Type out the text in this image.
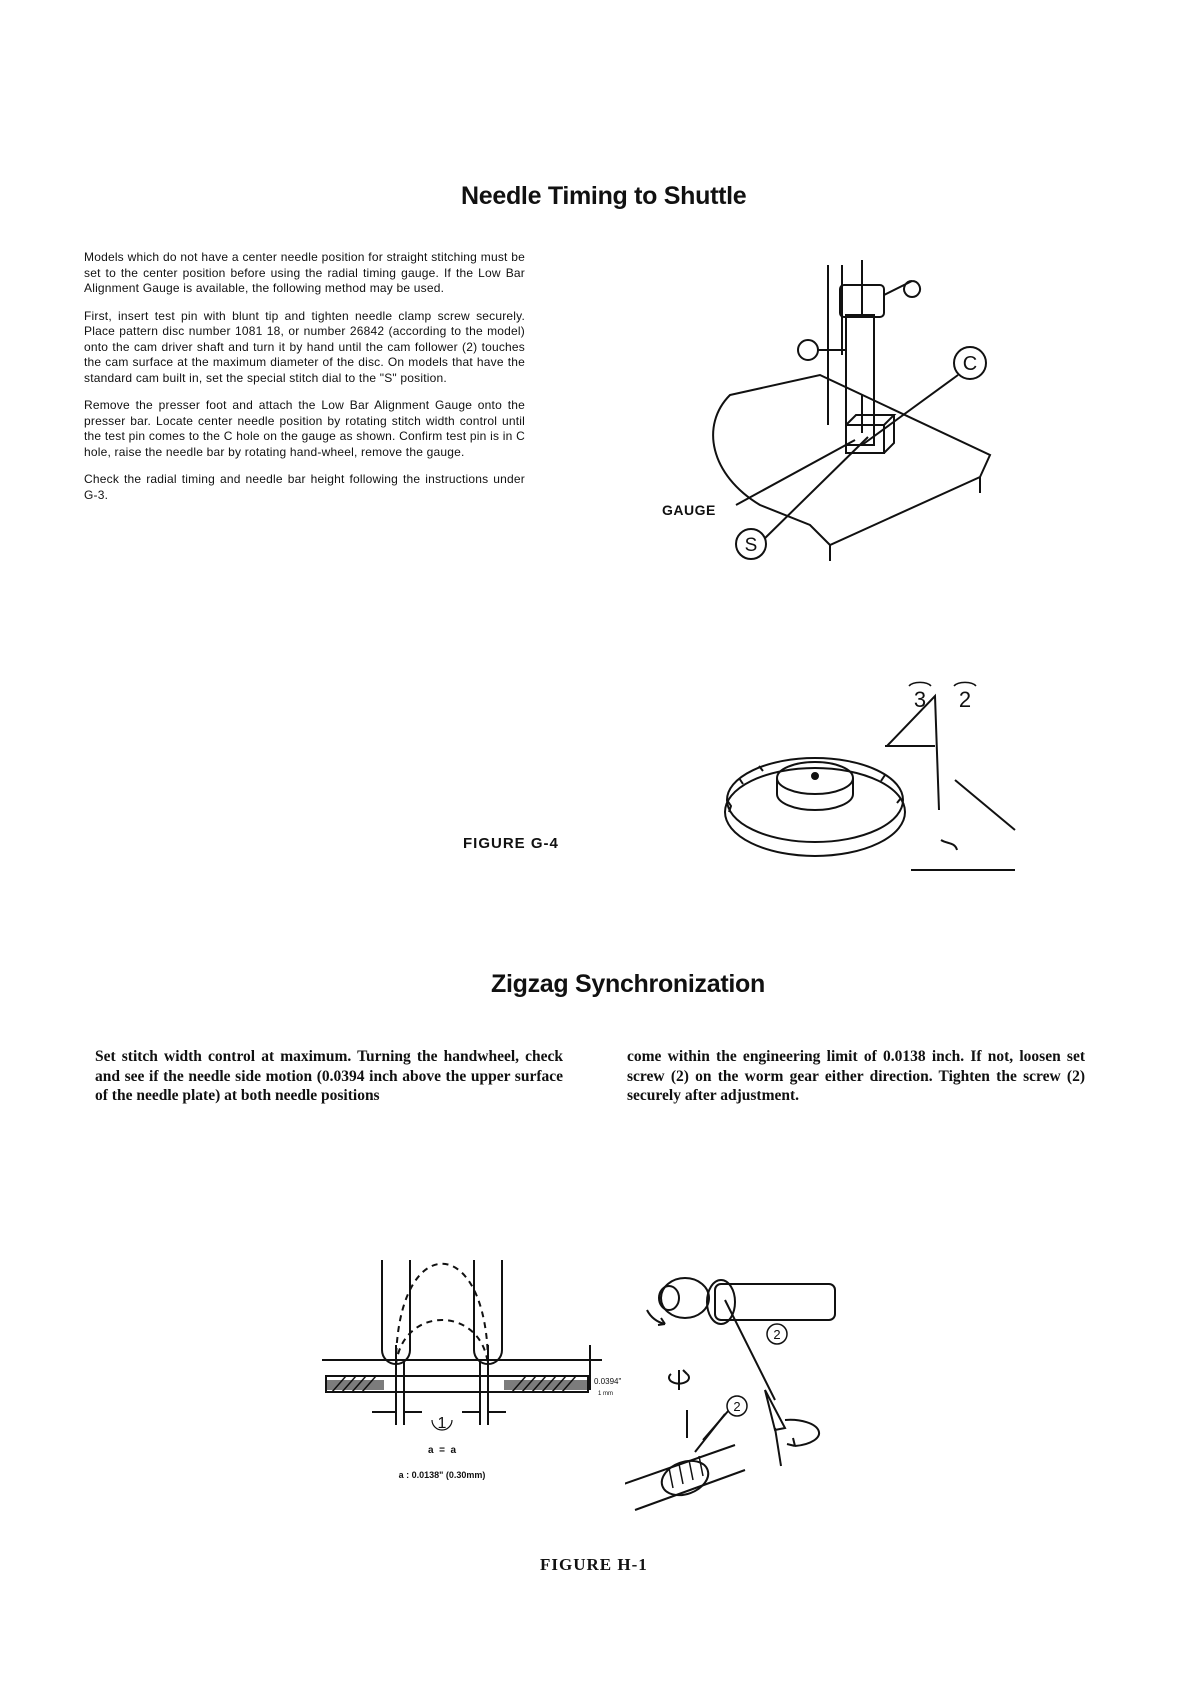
Needle Timing to Shuttle

Models which do not have a center needle position for straight stitching must be set to the center position before using the radial timing gauge. If the Low Bar Alignment Gauge is available, the following method may be used.

First, insert test pin with blunt tip and tighten needle clamp screw securely. Place pattern disc number 1081 18, or number 26842 (according to the model) onto the cam driver shaft and turn it by hand until the cam follower (2) touches the cam surface at the maximum diameter of the disc. On models that have the standard cam built in, set the special stitch dial to the "S" position.

Remove the presser foot and attach the Low Bar Alignment Gauge onto the presser bar. Locate center needle position by rotating stitch width control until the test pin comes to the C hole on the gauge as shown. Confirm test pin is in C hole, raise the needle bar by rotating hand-wheel, remove the gauge.

Check the radial timing and needle bar height following the instructions under G-3.

C
S
GAUGE
3 2
FIGURE G-4
Zigzag Synchronization
Set stitch width control at maximum. Turning the handwheel, check and see if the needle side motion (0.0394 inch above the upper surface of the needle plate) at both needle positions
come within the engineering limit of 0.0138 inch. If not, loosen set screw (2) on the worm gear either direction. Tighten the screw (2) securely after adjustment.
0.0394"
1 mm
1
a  =  a
a : 0.0138" (0.30mm)
2
2
FIGURE H-1
